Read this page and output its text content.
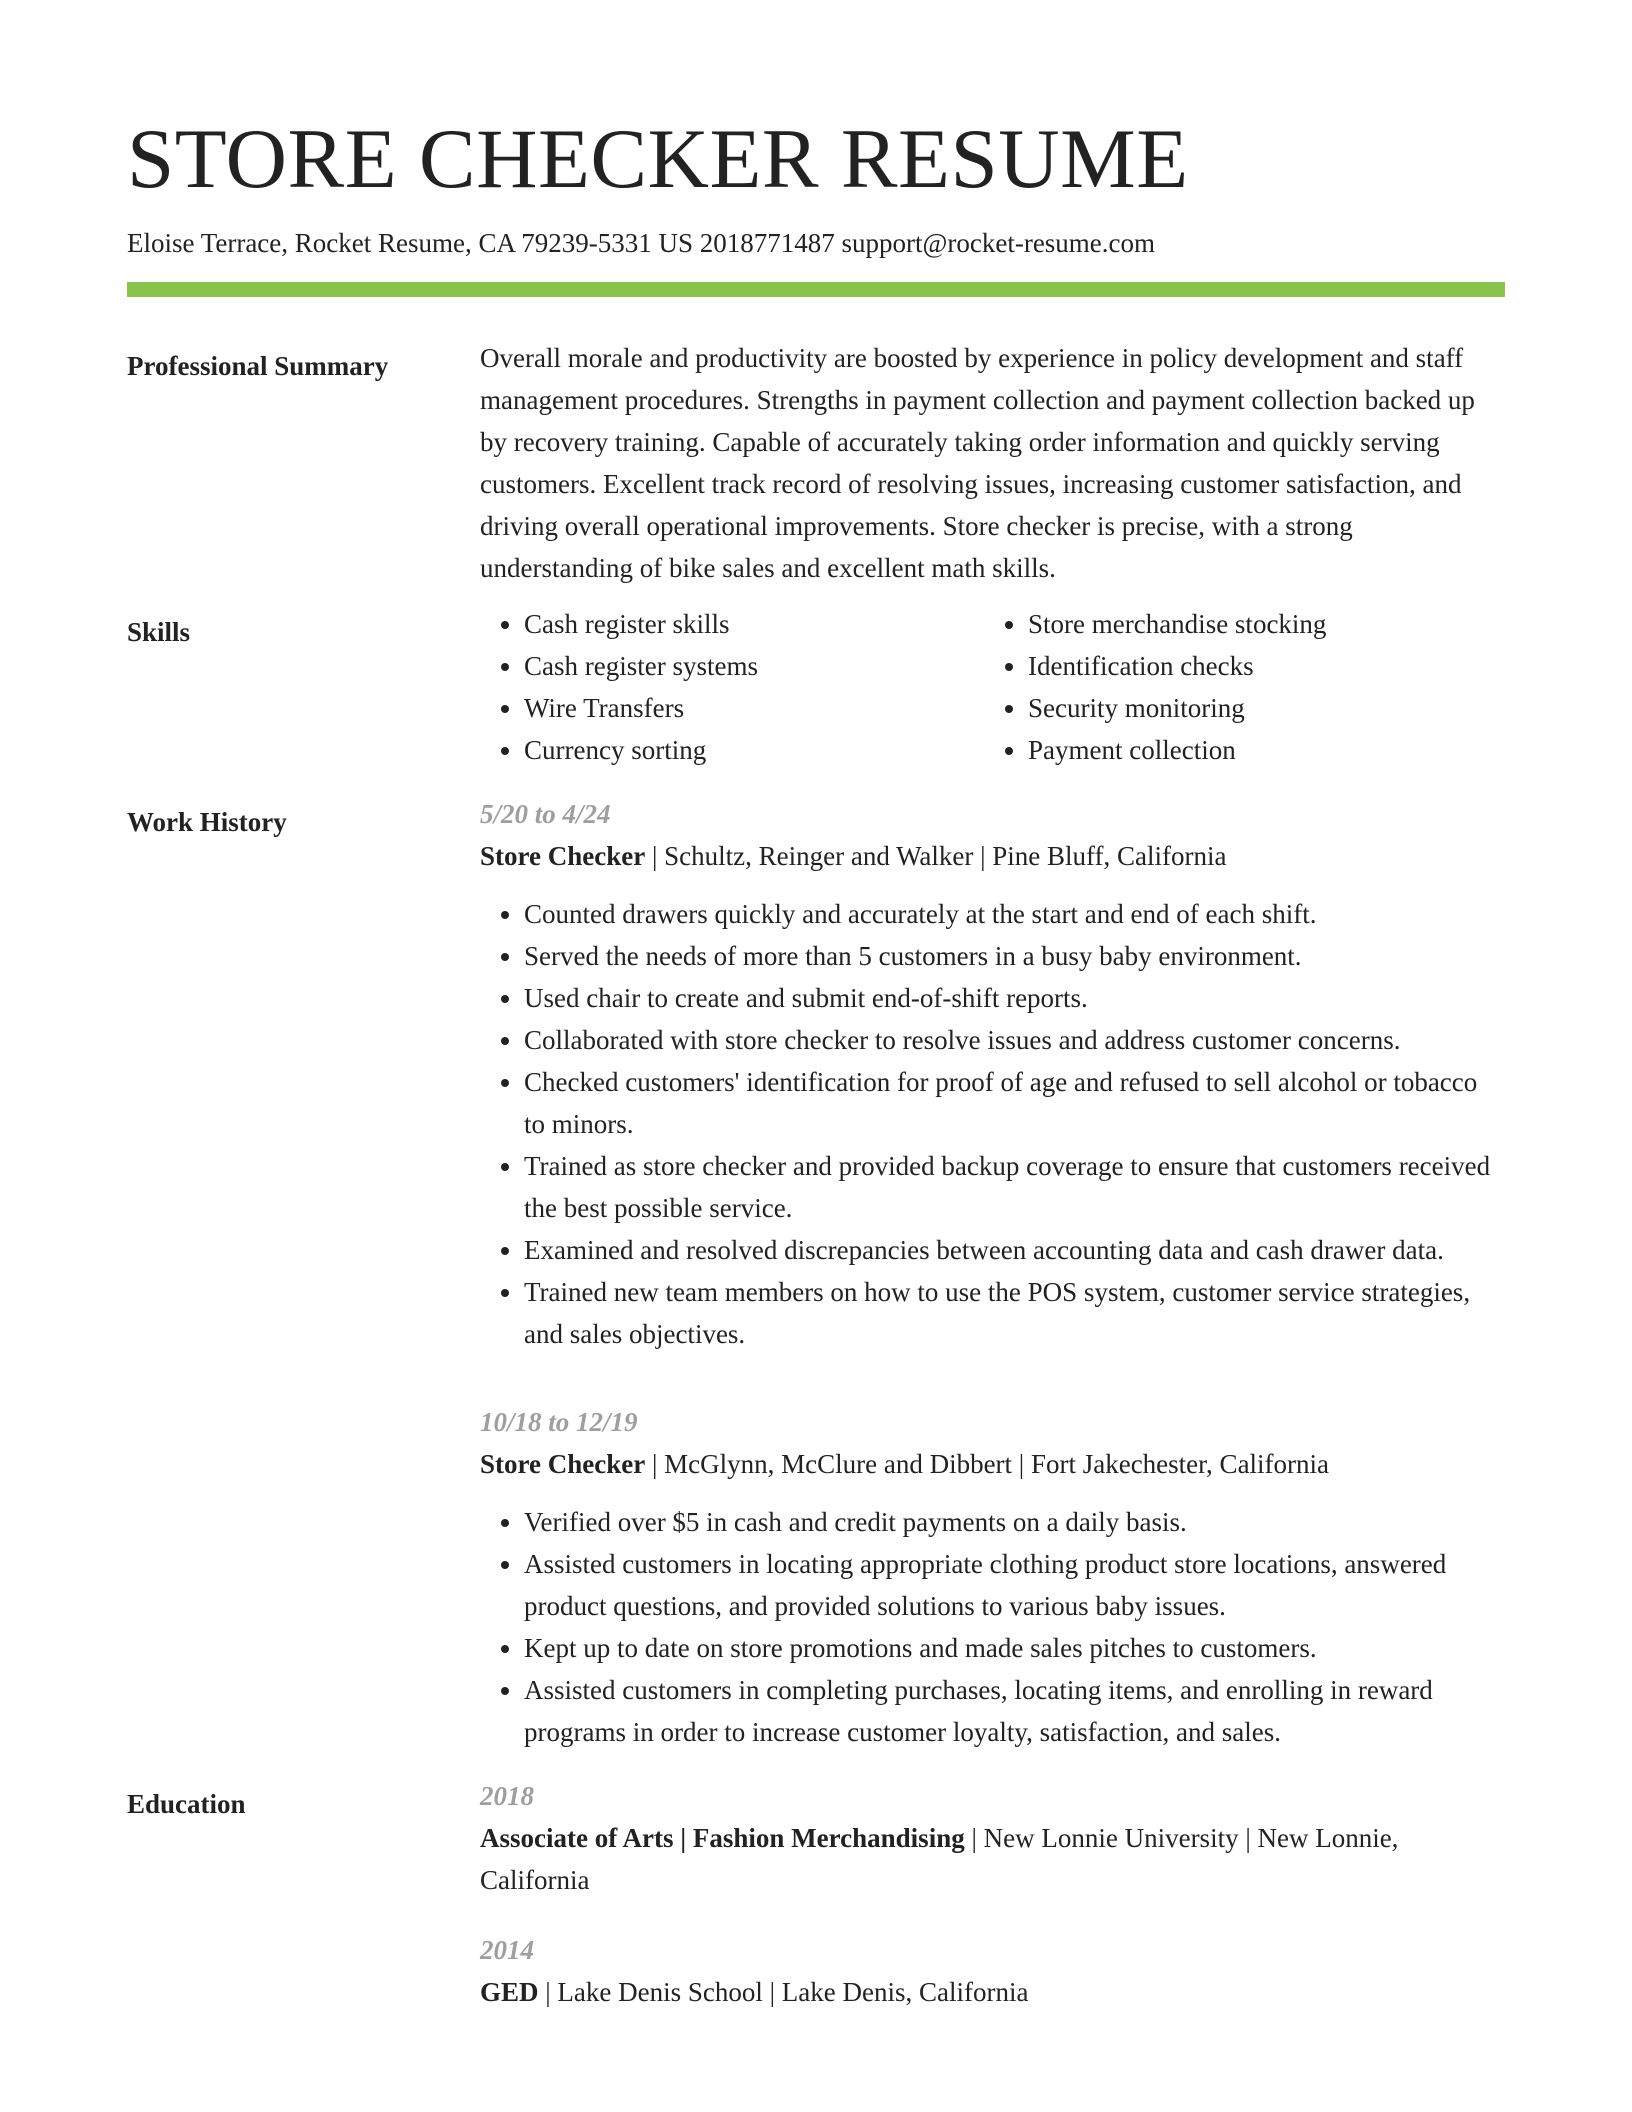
STORE CHECKER RESUME
Eloise Terrace, Rocket Resume, CA 79239-5331 US 2018771487 support@rocket-resume.com
Professional Summary	Overall morale and productivity are boosted by experience in policy development and staff management procedures. Strengths in payment collection and payment collection backed up by recovery training. Capable of accurately taking order information and quickly serving customers. Excellent track record of resolving issues, increasing customer satisfaction, and driving overall operational improvements. Store checker is precise, with a strong understanding of bike sales and excellent math skills.

Skills
•	Cash register skills
• Cash register systems
• Wire Transfers
• Currency sorting
• Store merchandise stocking
• Identification checks
• Security monitoring
• Payment collection
Work History	5/20 to 4/24
Store Checker | Schultz, Reinger and Walker | Pine Bluff, California
• Counted drawers quickly and accurately at the start and end of each shift.
• Served the needs of more than 5 customers in a busy baby environment.
• Used chair to create and submit end-of-shift reports.
• Collaborated with store checker to resolve issues and address customer concerns.
• Checked customers' identification for proof of age and refused to sell alcohol or tobacco to minors.
• Trained as store checker and provided backup coverage to ensure that customers received the best possible service.
• Examined and resolved discrepancies between accounting data and cash drawer data.
• Trained new team members on how to use the POS system, customer service strategies, and sales objectives.
10/18 to 12/19
Store Checker | McGlynn, McClure and Dibbert | Fort Jakechester, California
• Verified over $5 in cash and credit payments on a daily basis.
• Assisted customers in locating appropriate clothing product store locations, answered product questions, and provided solutions to various baby issues.
• Kept up to date on store promotions and made sales pitches to customers.
• Assisted customers in completing purchases, locating items, and enrolling in reward programs in order to increase customer loyalty, satisfaction, and sales.
Education	2018
Associate of Arts | Fashion Merchandising | New Lonnie University | New Lonnie, California
2014
GED | Lake Denis School | Lake Denis, California
